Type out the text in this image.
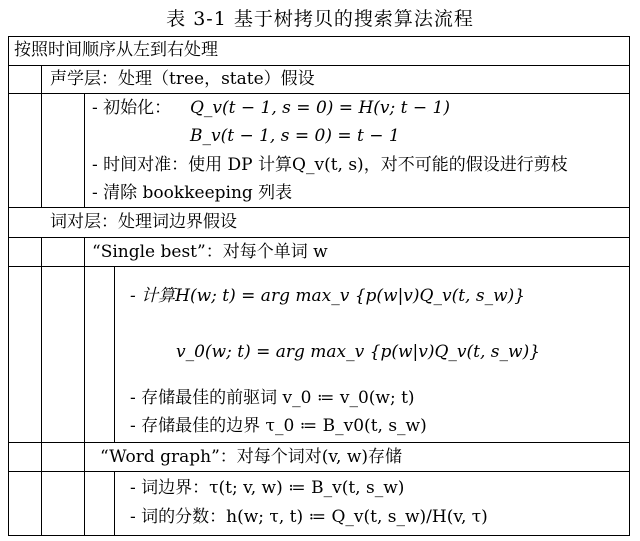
表 3-1 基于树拷贝的搜索算法流程
按照时间顺序从左到右处理
声学层：处理（tree，state）假设
- 初始化： Q_v(t − 1, s = 0) = H(v; t − 1)
B_v(t − 1, s = 0) = t − 1
- 时间对准：使用 DP 计算Q_v(t, s)，对不可能的假设进行剪枝
- 清除 bookkeeping 列表
词对层：处理词边界假设
“Single best”：对每个单词 w
- 计算H(w; t) = arg max_v {p(w|v)Q_v(t, s_w)}
v_0(w; t) = arg max_v {p(w|v)Q_v(t, s_w)}
- 存储最佳的前驱词 v_0 ≔ v_0(w; t)
- 存储最佳的边界 τ_0 ≔ B_v0(t, s_w)
“Word graph”：对每个词对(v, w)存储
- 词边界：τ(t; v, w) ≔ B_v(t, s_w)
- 词的分数：h(w; τ, t) ≔ Q_v(t, s_w)/H(v, τ)
